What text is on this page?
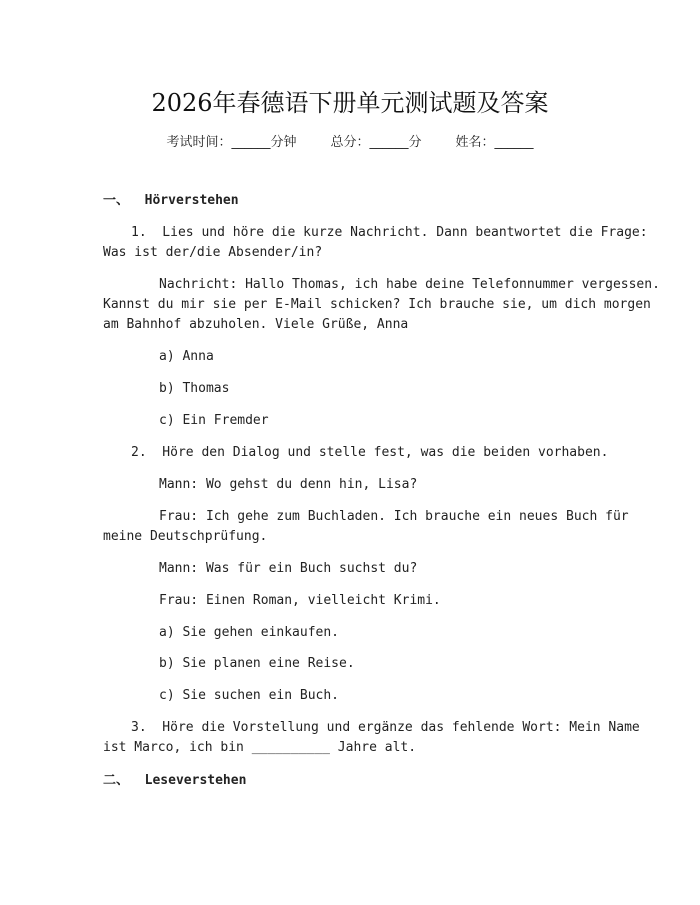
2026年春德语下册单元测试题及答案
考试时间：______分钟	总分：______分	姓名：______
一、  Hörverstehen
1.  Lies und höre die kurze Nachricht. Dann beantwortet die Frage:
Was ist der/die Absender/in?
Nachricht: Hallo Thomas, ich habe deine Telefonnummer vergessen.
Kannst du mir sie per E-Mail schicken? Ich brauche sie, um dich morgen
am Bahnhof abzuholen. Viele Grüße, Anna
a) Anna
b) Thomas
c) Ein Fremder
2.  Höre den Dialog und stelle fest, was die beiden vorhaben.
Mann: Wo gehst du denn hin, Lisa?
Frau: Ich gehe zum Buchladen. Ich brauche ein neues Buch für
meine Deutschprüfung.
Mann: Was für ein Buch suchst du?
Frau: Einen Roman, vielleicht Krimi.
a) Sie gehen einkaufen.
b) Sie planen eine Reise.
c) Sie suchen ein Buch.
3.  Höre die Vorstellung und ergänze das fehlende Wort: Mein Name
ist Marco, ich bin __________ Jahre alt.
二、  Leseverstehen
